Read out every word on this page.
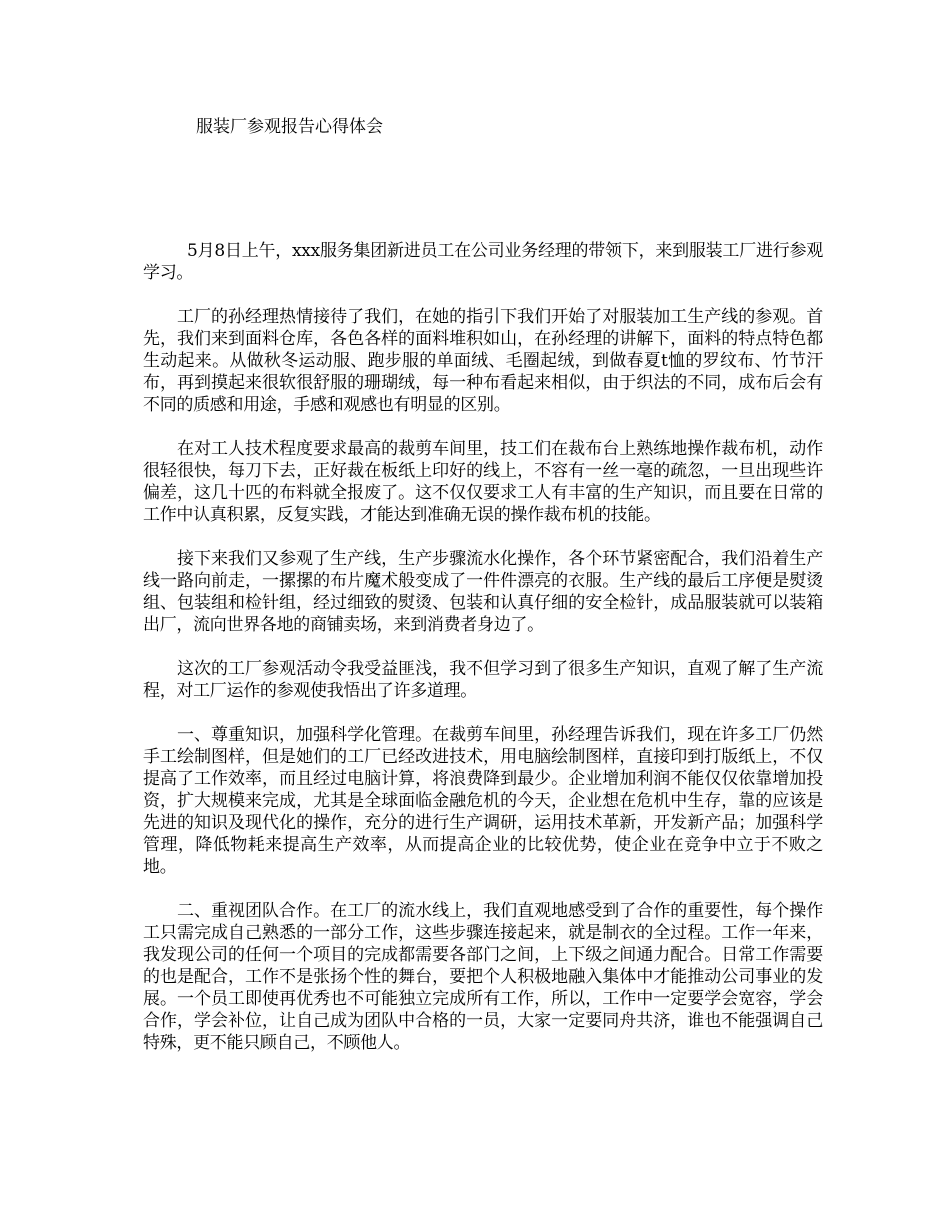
服装厂参观报告心得体会

5月8日上午，xxx服务集团新进员工在公司业务经理的带领下，来到服装工厂进行参观学习。

工厂的孙经理热情接待了我们，在她的指引下我们开始了对服装加工生产线的参观。首先，我们来到面料仓库，各色各样的面料堆积如山，在孙经理的讲解下，面料的特点特色都生动起来。从做秋冬运动服、跑步服的单面绒、毛圈起绒，到做春夏t恤的罗纹布、竹节汗布，再到摸起来很软很舒服的珊瑚绒，每一种布看起来相似，由于织法的不同，成布后会有不同的质感和用途，手感和观感也有明显的区别。

在对工人技术程度要求最高的裁剪车间里，技工们在裁布台上熟练地操作裁布机，动作很轻很快，每刀下去，正好裁在板纸上印好的线上，不容有一丝一毫的疏忽，一旦出现些许偏差，这几十匹的布料就全报废了。这不仅仅要求工人有丰富的生产知识，而且要在日常的工作中认真积累，反复实践，才能达到准确无误的操作裁布机的技能。

接下来我们又参观了生产线，生产步骤流水化操作，各个环节紧密配合，我们沿着生产线一路向前走，一摞摞的布片魔术般变成了一件件漂亮的衣服。生产线的最后工序便是熨烫组、包装组和检针组，经过细致的熨烫、包装和认真仔细的安全检针，成品服装就可以装箱出厂，流向世界各地的商铺卖场，来到消费者身边了。

这次的工厂参观活动令我受益匪浅，我不但学习到了很多生产知识，直观了解了生产流程，对工厂运作的参观使我悟出了许多道理。

一、尊重知识，加强科学化管理。在裁剪车间里，孙经理告诉我们，现在许多工厂仍然手工绘制图样，但是她们的工厂已经改进技术，用电脑绘制图样，直接印到打版纸上，不仅提高了工作效率，而且经过电脑计算，将浪费降到最少。企业增加利润不能仅仅依靠增加投资，扩大规模来完成，尤其是全球面临金融危机的今天，企业想在危机中生存，靠的应该是先进的知识及现代化的操作，充分的进行生产调研，运用技术革新，开发新产品；加强科学管理，降低物耗来提高生产效率，从而提高企业的比较优势，使企业在竞争中立于不败之地。

二、重视团队合作。在工厂的流水线上，我们直观地感受到了合作的重要性，每个操作工只需完成自己熟悉的一部分工作，这些步骤连接起来，就是制衣的全过程。工作一年来，我发现公司的任何一个项目的完成都需要各部门之间，上下级之间通力配合。日常工作需要的也是配合，工作不是张扬个性的舞台，要把个人积极地融入集体中才能推动公司事业的发展。一个员工即使再优秀也不可能独立完成所有工作，所以，工作中一定要学会宽容，学会合作，学会补位，让自己成为团队中合格的一员，大家一定要同舟共济，谁也不能强调自己特殊，更不能只顾自己，不顾他人。
